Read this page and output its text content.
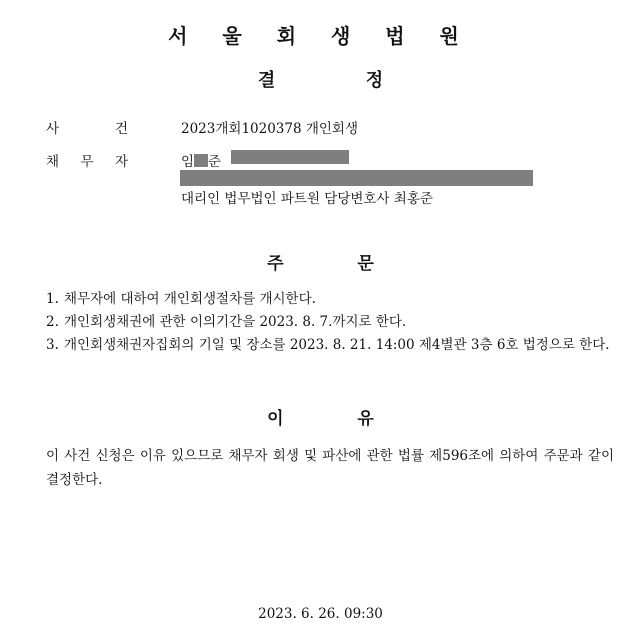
서 울 회 생 법 원
결	정
사	건	2023개회1020378 개인회생
채 무 자	임 준
대리인 법무법인 파트원 담당변호사 최홍준
주	문
1. 채무자에 대하여 개인회생절차를 개시한다.
2. 개인회생채권에 관한 이의기간을 2023. 8. 7.까지로 한다.
3. 개인회생채권자집회의 기일 및 장소를 2023. 8. 21. 14:00 제4별관 3층 6호 법정으로 한다.
이	유
이 사건 신청은 이유 있으므로 채무자 회생 및 파산에 관한 법률 제596조에 의하여 주문과 같이 결정한다.
2023. 6. 26. 09:30
